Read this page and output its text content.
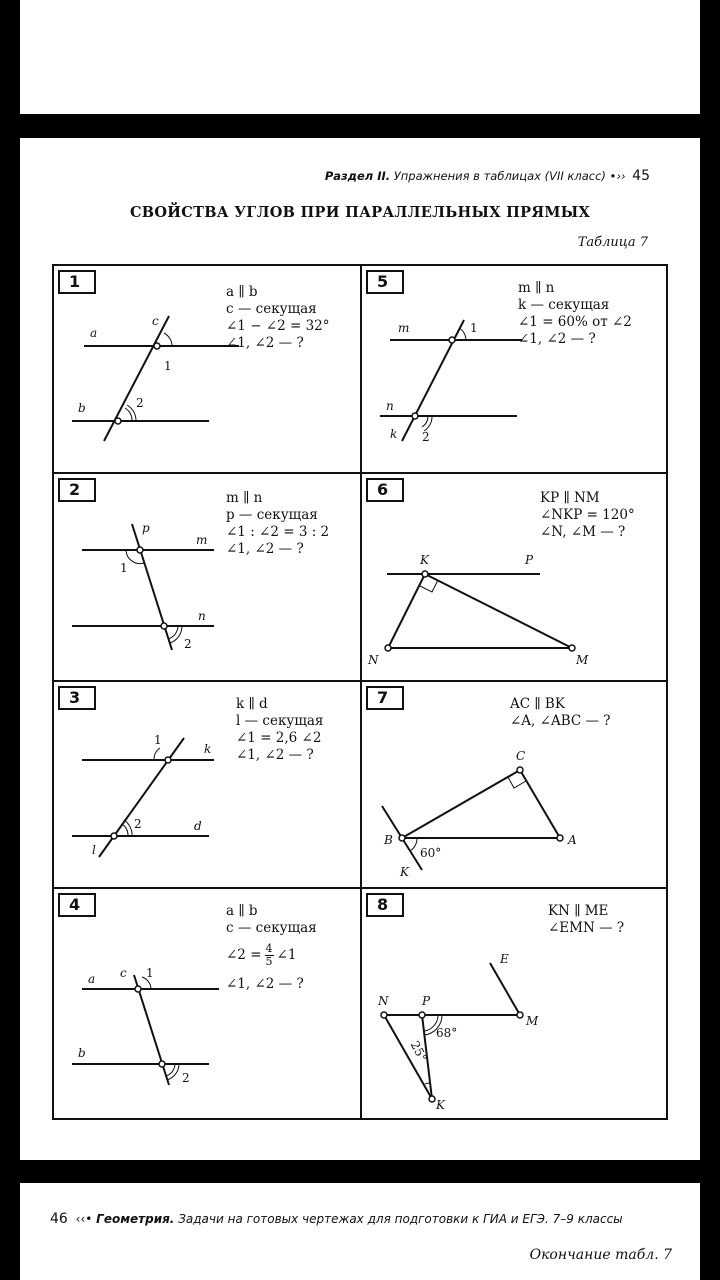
Раздел II. Упражнения в таблицах (VII класс) •›› 45
СВОЙСТВА УГЛОВ ПРИ ПАРАЛЛЕЛЬНЫХ ПРЯМЫХ
Таблица 7
1
a ∥ b
c — секущая
∠1 − ∠2 = 32°
∠1, ∠2 — ?
a
b
c
1
2
5	m ∥ n
k — секущая
∠1 = 60% от ∠2
∠1, ∠2 — ?
m
n
k
1
2
2	m ∥ n
p — секущая
∠1 : ∠2 = 3 : 2
∠1, ∠2 — ?
p
m
n
1
2
6	KP ∥ NM
∠NKP = 120°
∠N, ∠M — ?
K	P
N	M
3	k ∥ d
l — секущая
∠1 = 2,6 ∠2
∠1, ∠2 — ?
k
d
l
1
2
7	AC ∥ BK
∠A, ∠ABC — ?
C
A
B
K
60°
4	a ∥ b
c — секущая
∠2 = $\frac{4}{5}$ ∠1
∠1, ∠2 — ?
a
b
c 1
2
8	KN ∥ ME
∠EMN — ?
N	P
E
M
K
68°
25°
46 ‹‹• Геометрия. Задачи на готовых чертежах для подготовки к ГИА и ЕГЭ. 7–9 классы
Окончание табл. 7
